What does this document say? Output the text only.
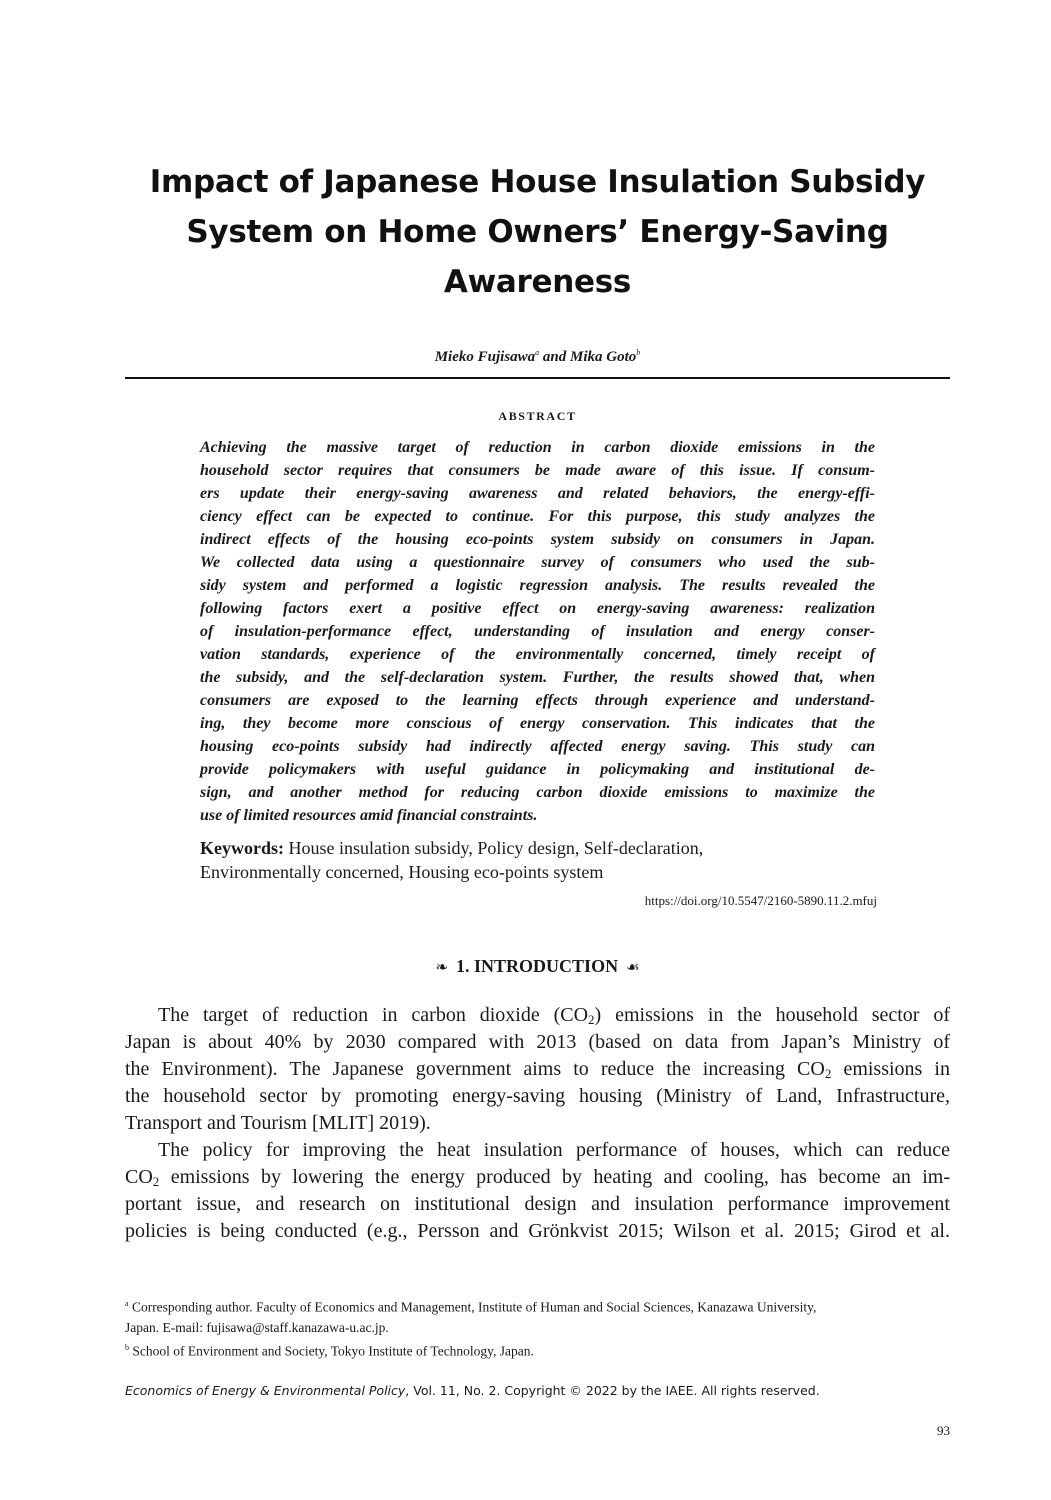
Impact of Japanese House Insulation Subsidy
System on Home Owners’ Energy-Saving
Awareness
Mieko Fujisawa$^a$ and Mika Goto$^b$
ABSTRACT
Achieving the massive target of reduction in carbon dioxide emissions in the
household sector requires that consumers be made aware of this issue. If consum-
ers update their energy-saving awareness and related behaviors, the energy-effi-
ciency effect can be expected to continue. For this purpose, this study analyzes the
indirect effects of the housing eco-points system subsidy on consumers in Japan.
We collected data using a questionnaire survey of consumers who used the sub-
sidy system and performed a logistic regression analysis. The results revealed the
following factors exert a positive effect on energy-saving awareness: realization
of insulation-performance effect, understanding of insulation and energy conser-
vation standards, experience of the environmentally concerned, timely receipt of
the subsidy, and the self-declaration system. Further, the results showed that, when
consumers are exposed to the learning effects through experience and understand-
ing, they become more conscious of energy conservation. This indicates that the
housing eco-points subsidy had indirectly affected energy saving. This study can
provide policymakers with useful guidance in policymaking and institutional de-
sign, and another method for reducing carbon dioxide emissions to maximize the
use of limited resources amid financial constraints.
Keywords: House insulation subsidy, Policy design, Self-declaration,
Environmentally concerned, Housing eco-points system
https://doi.org/10.5547/2160-5890.11.2.mfuj
❧ 1. INTRODUCTION ☙
The target of reduction in carbon dioxide $(CO_2)$ emissions in the household sector of
Japan is about 40% by 2030 compared with 2013 (based on data from Japan’s Ministry of
the Environment). The Japanese government aims to reduce the increasing $CO_2$ emissions in
the household sector by promoting energy-saving housing (Ministry of Land, Infrastructure,
Transport and Tourism [MLIT] 2019).
The policy for improving the heat insulation performance of houses, which can reduce
$CO_2$ emissions by lowering the energy produced by heating and cooling, has become an im-
portant issue, and research on institutional design and insulation performance improvement
policies is being conducted (e.g., Persson and Grönkvist 2015; Wilson et al. 2015; Girod et al.
$^a$ Corresponding author. Faculty of Economics and Management, Institute of Human and Social Sciences, Kanazawa University,
Japan. E-mail: fujisawa@staff.kanazawa-u.ac.jp.
$^b$ School of Environment and Society, Tokyo Institute of Technology, Japan.
Economics of Energy & Environmental Policy, Vol. 11, No. 2. Copyright © 2022 by the IAEE. All rights reserved.
93
